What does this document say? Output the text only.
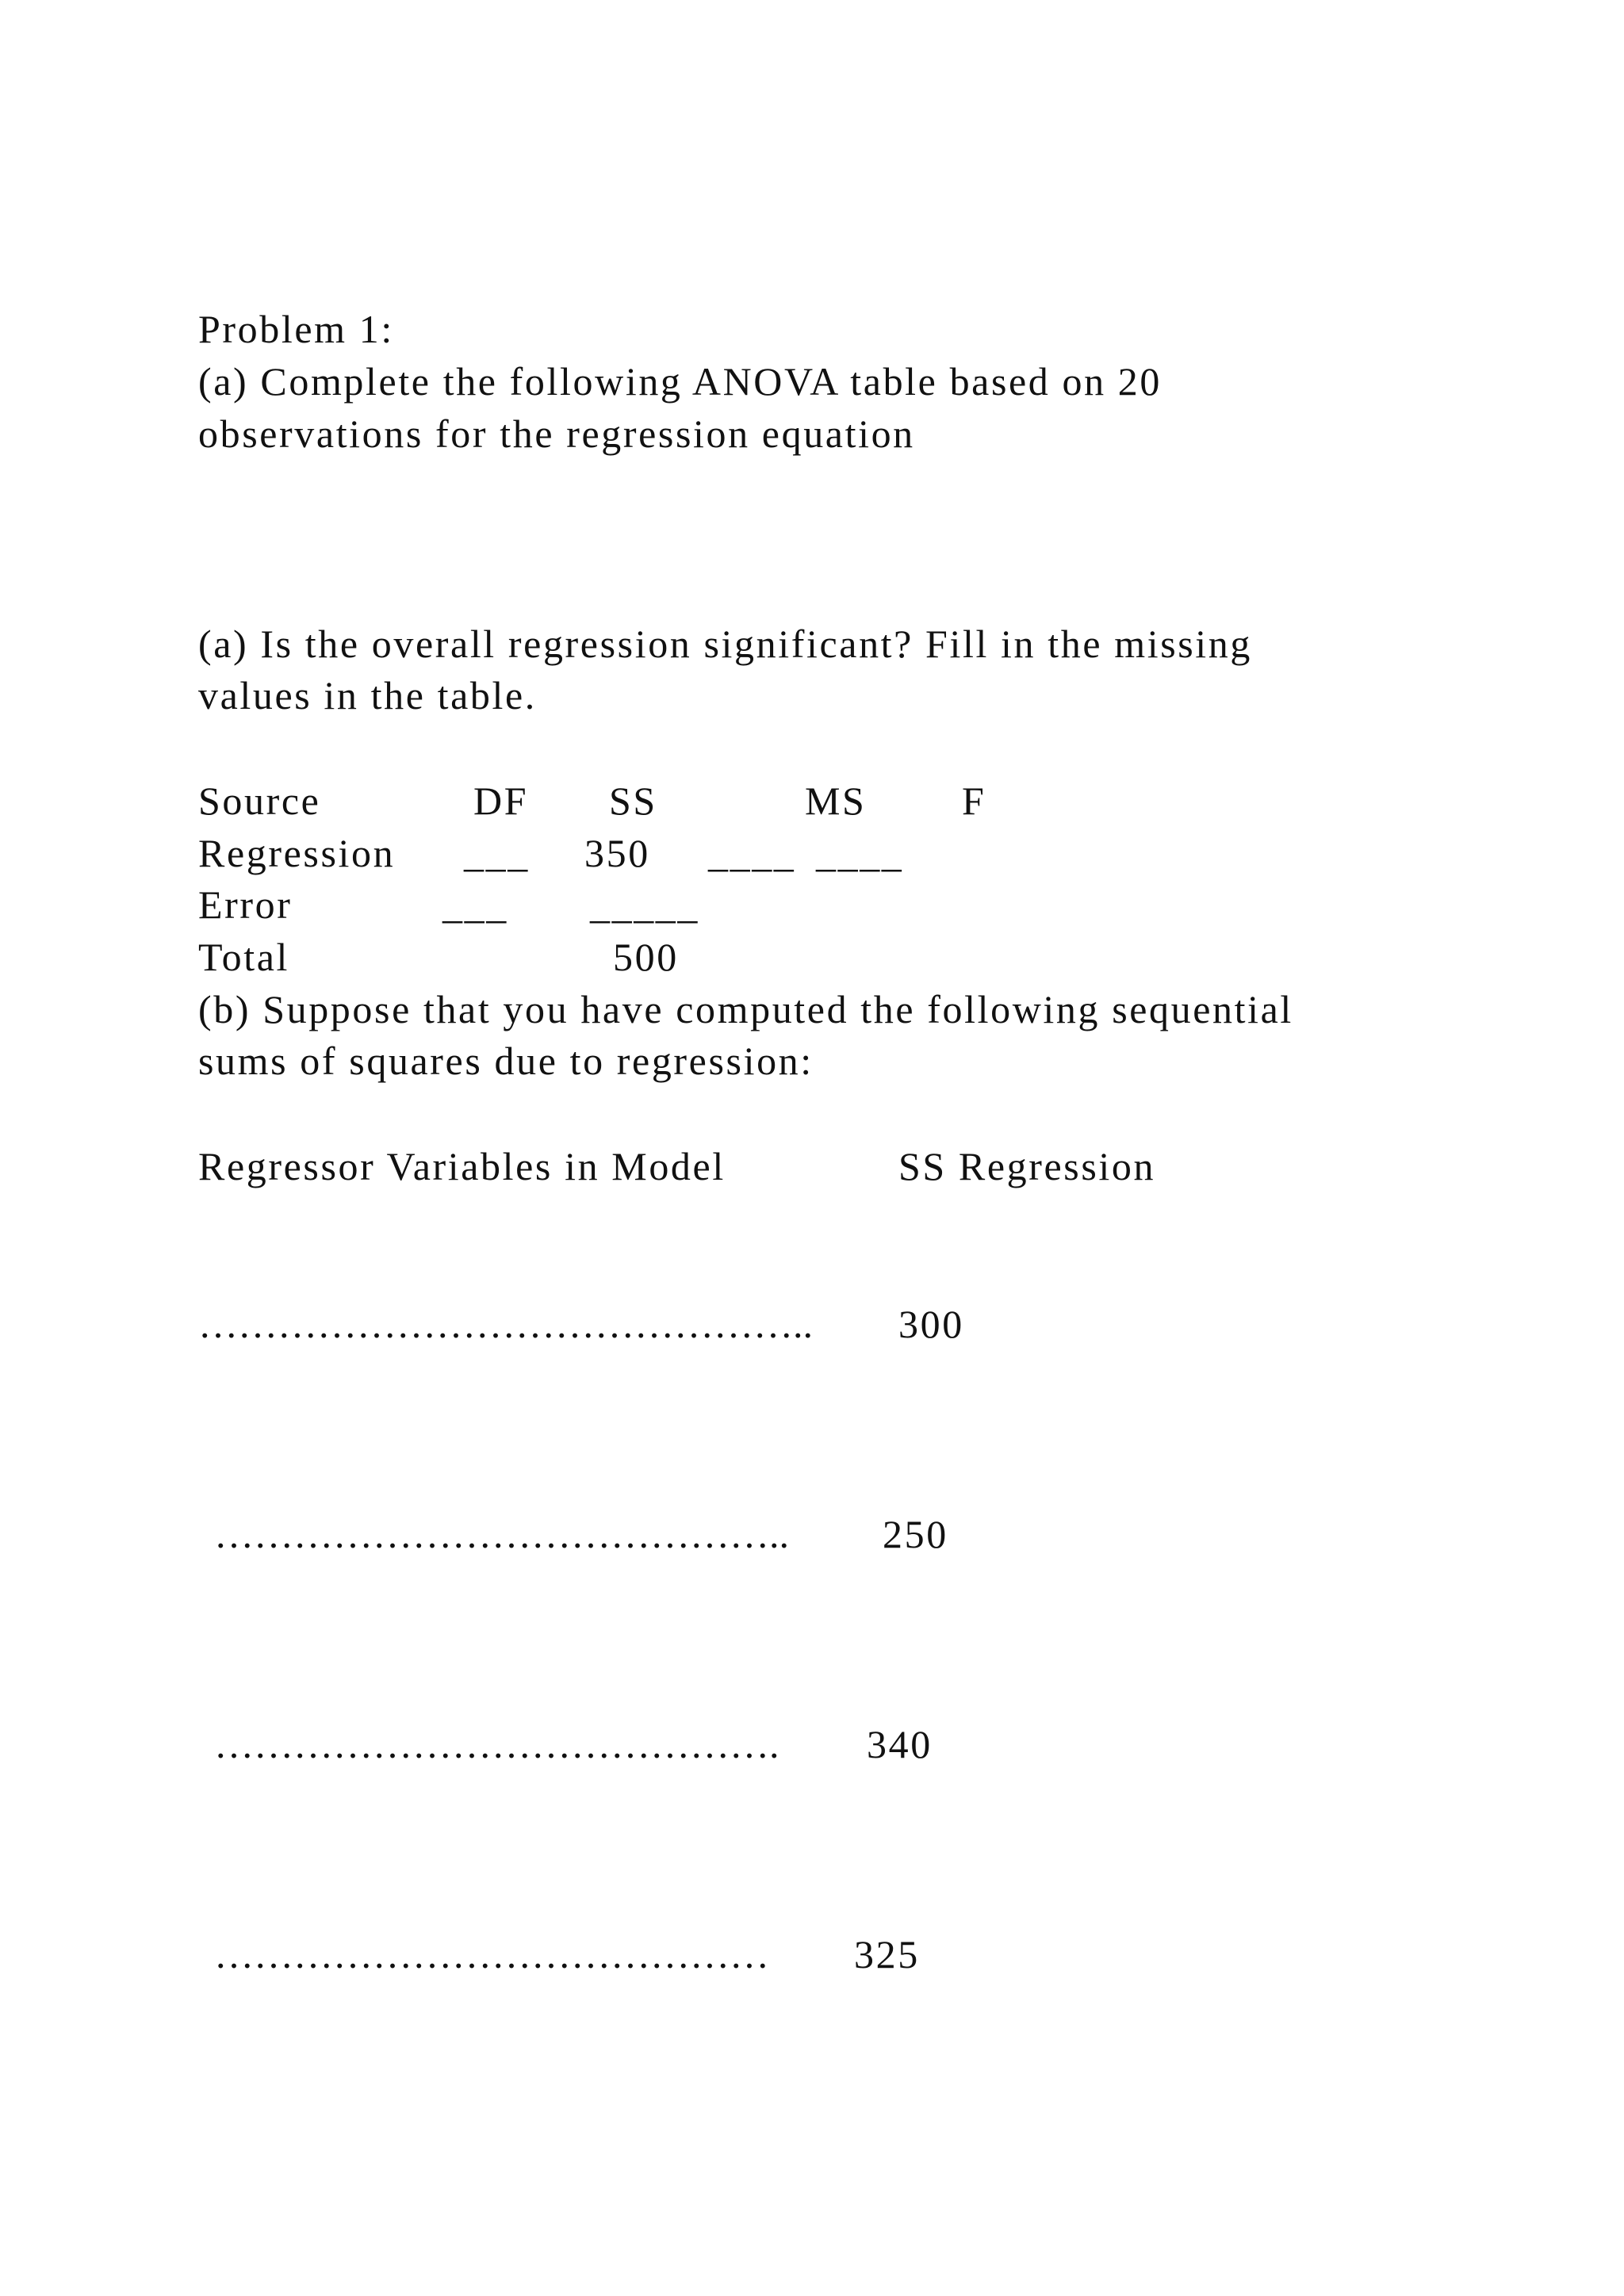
Problem 1:
(a) Complete the following ANOVA table based on 20
observations for the regression equation
(a) Is the overall regression significant? Fill in the missing
values in the table.
Source	DF SS	MS F
Regression ___ 350 ____ ____
Error	___ _____
Total	500
(b) Suppose that you have computed the following sequential
sums of squares due to regression:
Regressor Variables in Model	SS Regression
……………………………………….. 300
…………………………………….. 250
……………………………………. 340
…………………………………… 325
